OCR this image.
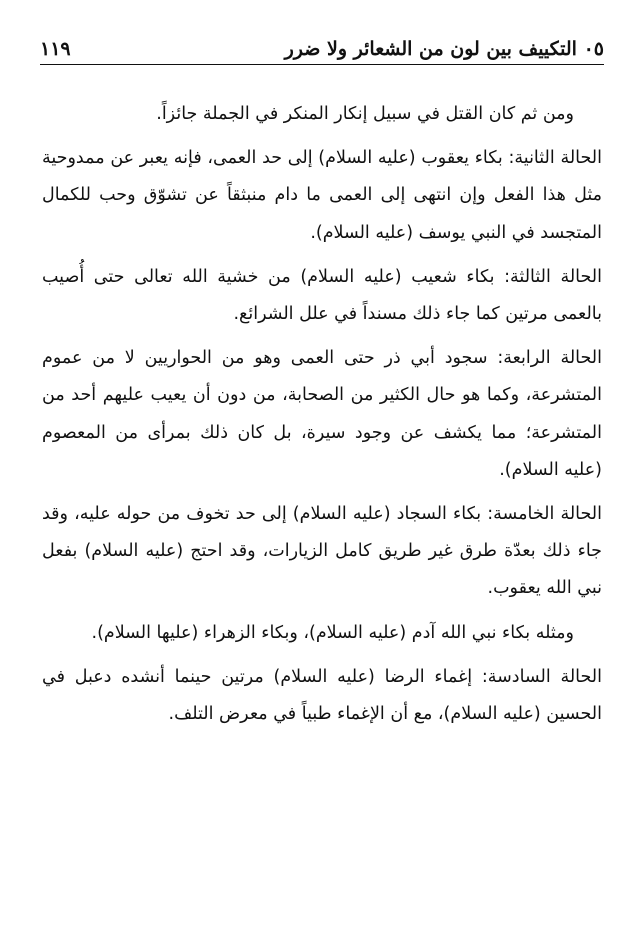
٠٥ التكييف بين لون من الشعائر ولا ضرر
١١٩

ومن ثم كان القتل في سبيل إنكار المنكر في الجملة جائزاً.

الحالة الثانية: بكاء يعقوب (عليه السلام) إلى حد العمى، فإنه يعبر عن ممدوحية مثل هذا الفعل وإن انتهى إلى العمى ما دام منبثقاً عن تشوّق وحب للكمال المتجسد في النبي يوسف (عليه السلام).

الحالة الثالثة: بكاء شعيب (عليه السلام) من خشية الله تعالى حتى أُصيب بالعمى مرتين كما جاء ذلك مسنداً في علل الشرائع.

الحالة الرابعة: سجود أبي ذر حتى العمى وهو من الحواريين لا من عموم المتشرعة، وكما هو حال الكثير من الصحابة، من دون أن يعيب عليهم أحد من المتشرعة؛ مما يكشف عن وجود سيرة، بل كان ذلك بمرأى من المعصوم (عليه السلام).

الحالة الخامسة: بكاء السجاد (عليه السلام) إلى حد تخوف من حوله عليه، وقد جاء ذلك بعدّة طرق غير طريق كامل الزيارات، وقد احتج (عليه السلام) بفعل نبي الله يعقوب.

ومثله بكاء نبي الله آدم (عليه السلام)، وبكاء الزهراء (عليها السلام).

الحالة السادسة: إغماء الرضا (عليه السلام) مرتين حينما أنشده دعبل في الحسين (عليه السلام)، مع أن الإغماء طبياً في معرض التلف.
